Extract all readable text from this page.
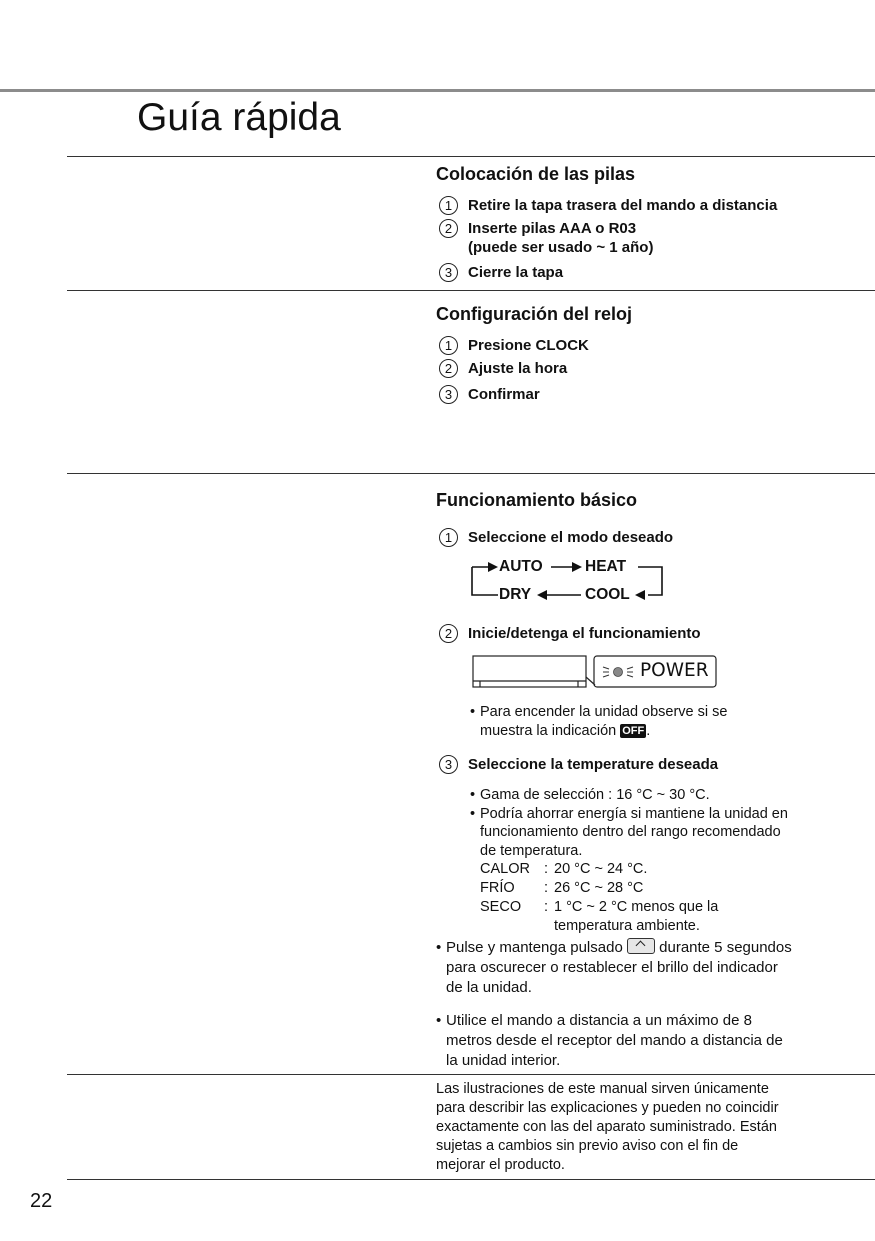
Guía rápida
Colocación de las pilas
1	Retire la tapa trasera del mando a distancia
2	Inserte pilas AAA o R03
(puede ser usado ~ 1 año)
3	Cierre la tapa
Configuración del reloj
1	Presione CLOCK
2	Ajuste la hora
3	Confirmar
Funcionamiento básico
1	Seleccione el modo deseado
AUTO	HEAT
DRY	COOL
2	Inicie/detenga el funcionamiento
POWER
• Para encender la unidad observe si se
muestra la indicación OFF .
3	Seleccione la temperature deseada
• Gama de selección : 16 °C ~ 30 °C.
• Podría ahorrar energía si mantiene la unidad en
funcionamiento dentro del rango recomendado
de temperatura.
CALOR : 20 °C ~ 24 °C.
FRÍO : 26 °C ~ 28 °C
SECO : 1 °C ~ 2 °C menos que la
temperatura ambiente.
• Pulse y mantenga pulsado durante 5 segundos
para oscurecer o restablecer el brillo del indicador
de la unidad.
• Utilice el mando a distancia a un máximo de 8
metros desde el receptor del mando a distancia de
la unidad interior.
Las ilustraciones de este manual sirven únicamente
para describir las explicaciones y pueden no coincidir
exactamente con las del aparato suministrado. Están
sujetas a cambios sin previo aviso con el fin de
mejorar el producto.
22
